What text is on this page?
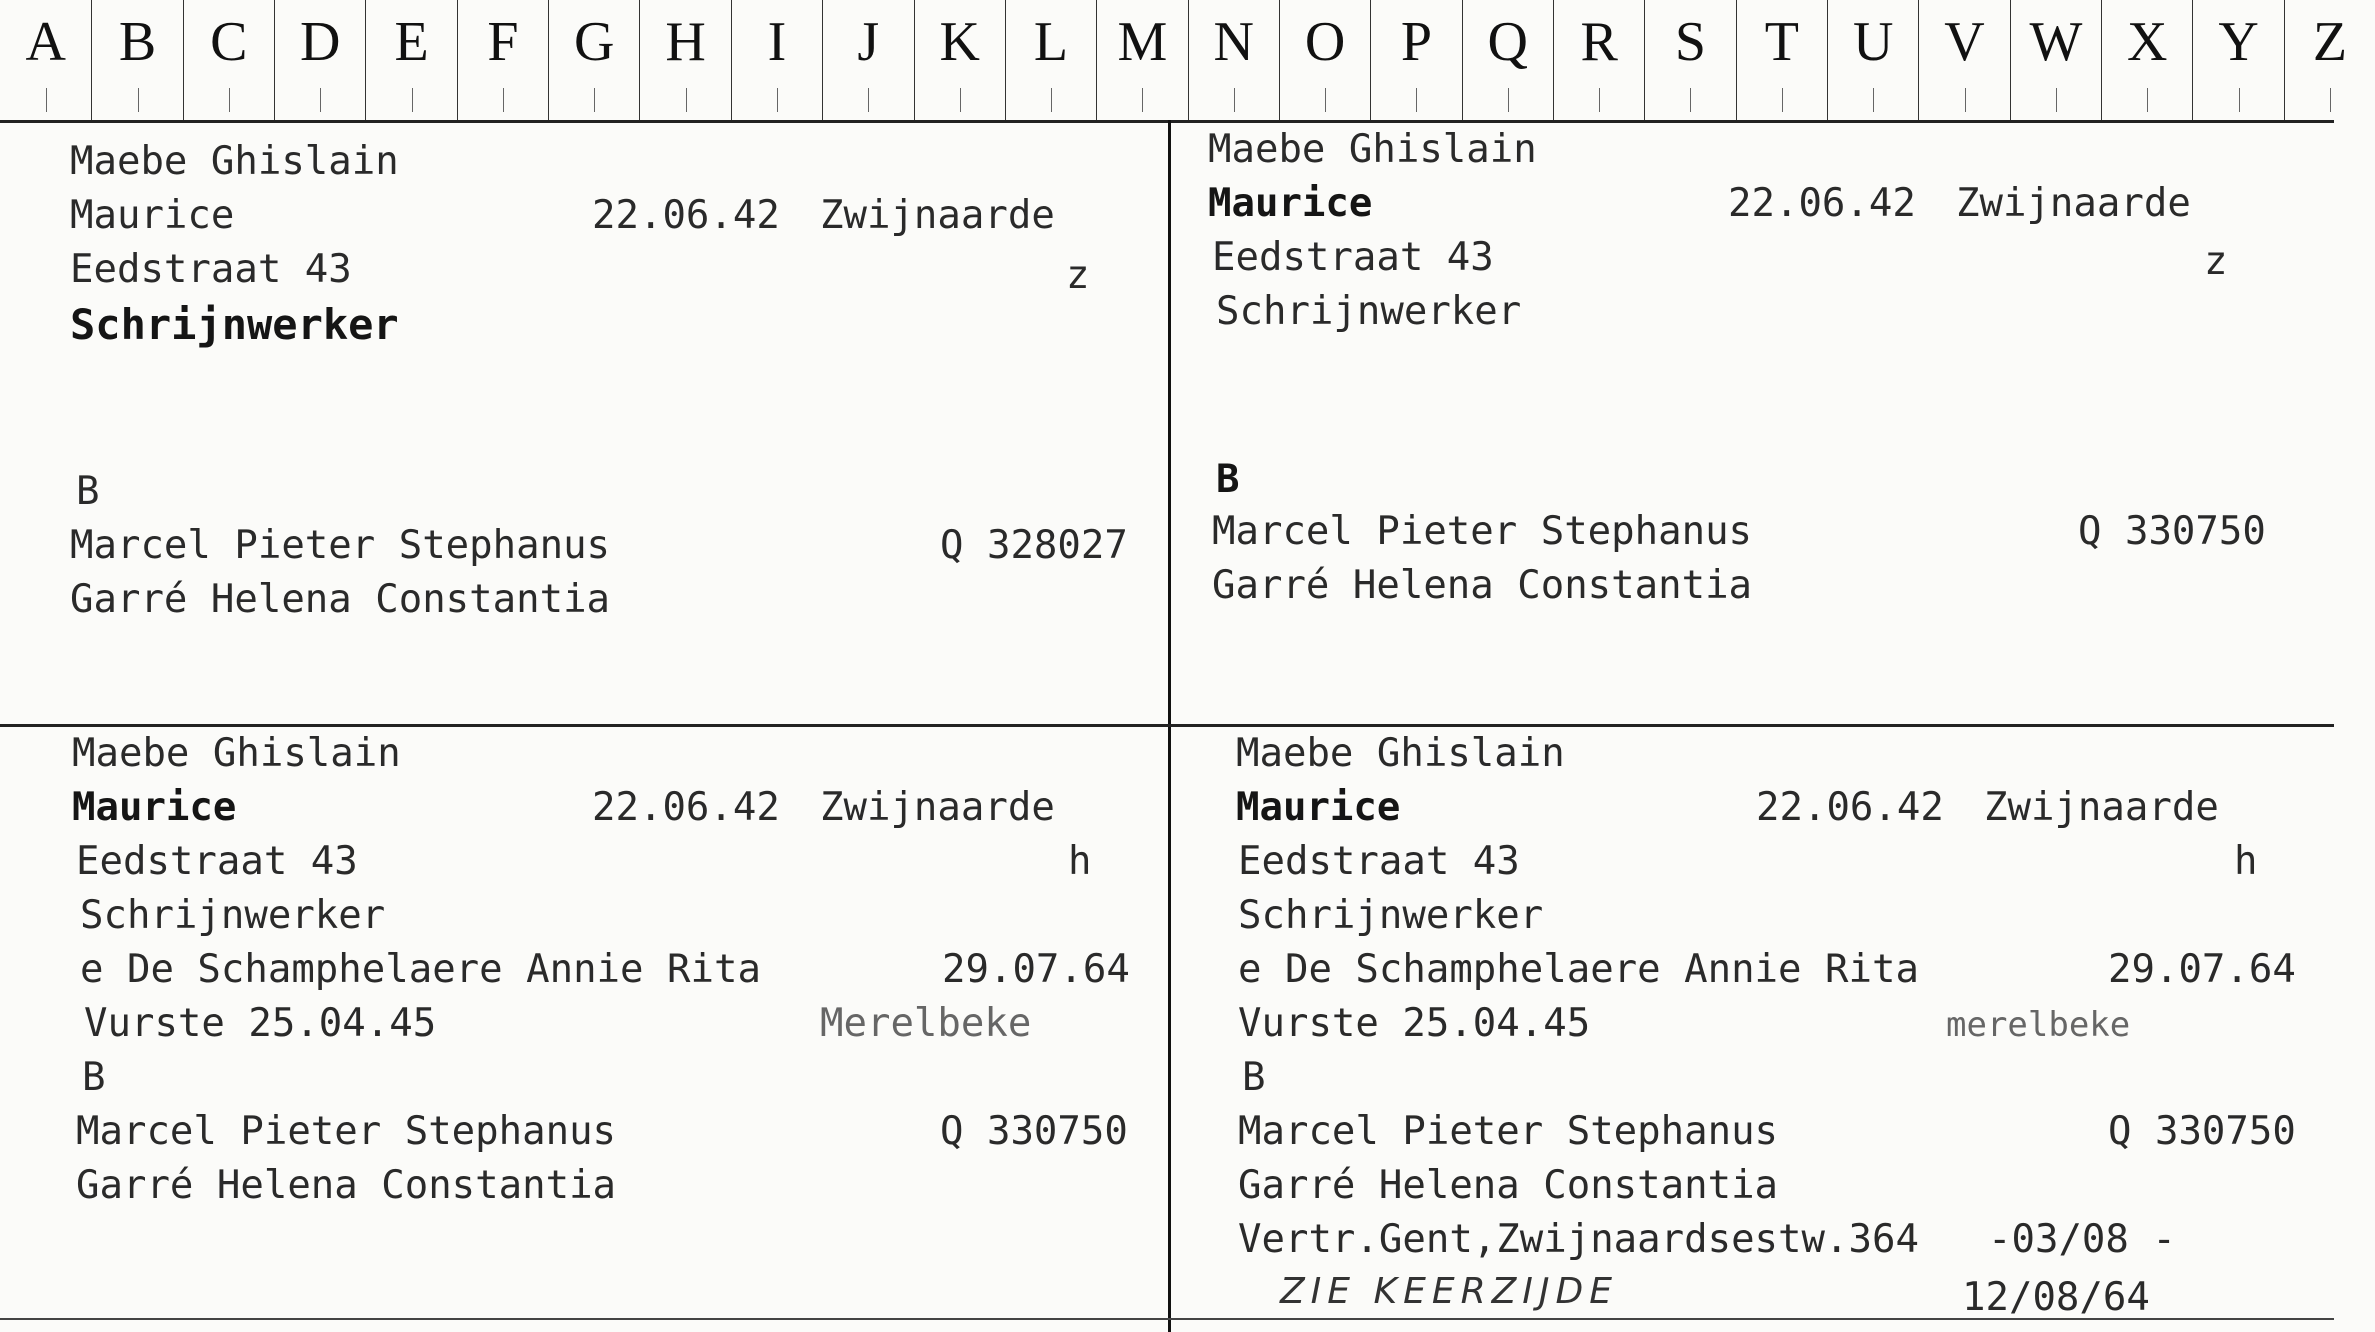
A B C D E F G H I J K L M N O P Q R S T U V W X Y Z
Maebe Ghislain
Maurice	22.06.42 Zwijnaarde
Eedstraat 43	z
Schrijnwerker
B
Marcel Pieter Stephanus	Q 328027
Garré Helena Constantia
Maebe Ghislain
Maurice	22.06.42 Zwijnaarde
Eedstraat 43	z
Schrijnwerker
B
Marcel Pieter Stephanus	Q 330750
Garré Helena Constantia
Maebe Ghislain
Maurice	22.06.42 Zwijnaarde
Eedstraat 43	h
Schrijnwerker
e De Schamphelaere Annie Rita	29.07.64
Vurste 25.04.45	Merelbeke
B
Marcel Pieter Stephanus	Q 330750
Garré Helena Constantia
Maebe Ghislain
Maurice	22.06.42 Zwijnaarde
Eedstraat 43	h
Schrijnwerker
e De Schamphelaere Annie Rita	29.07.64
Vurste 25.04.45	merelbeke
B
Marcel Pieter Stephanus	Q 330750
Garré Helena Constantia
Vertr.Gent,Zwijnaardsestw.364 -03/08 -
ZIE KEERZIJDE	12/08/64
